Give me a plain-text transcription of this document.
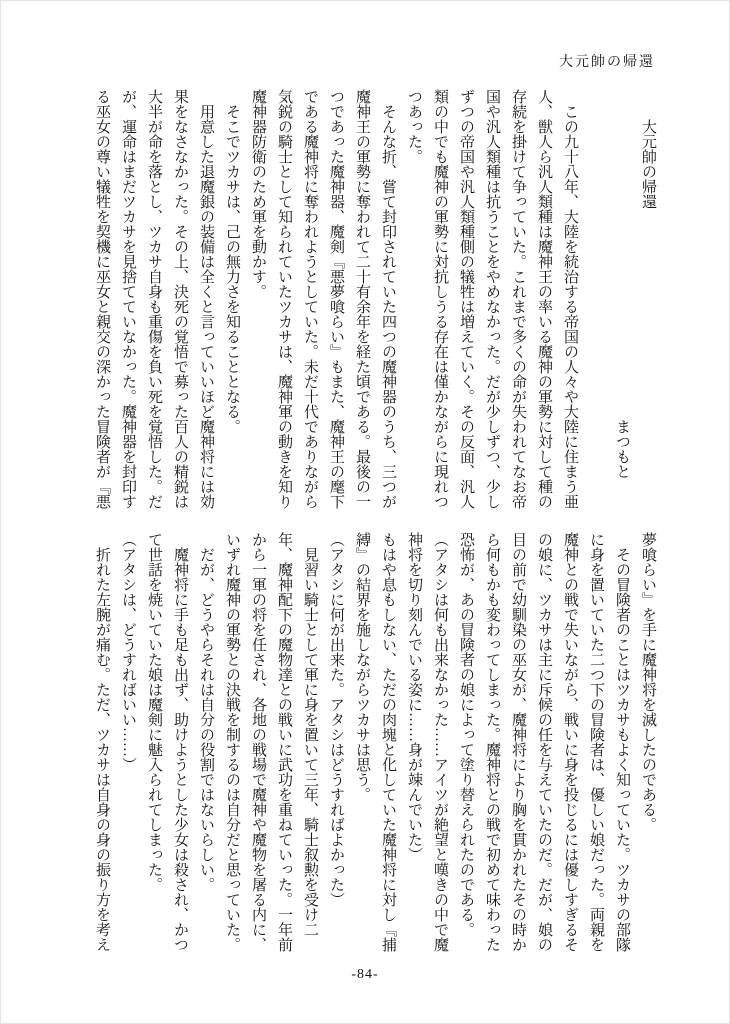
大元帥の帰還

大元帥の帰還

まつもと

　この九十八年、大陸を統治する帝国の人々や大陸に住まう亜人、獣人ら汎人類種は魔神王の率いる魔神の軍勢に対して種の存続を掛けて争っていた。これまで多くの命が失われてなお帝国や汎人類種は抗うことをやめなかった。だが少しずつ、少しずつの帝国や汎人類種側の犠牲は増えていく。その反面、汎人類の中でも魔神の軍勢に対抗しうる存在は僅かながらに現れつつあった。

　そんな折、嘗て封印されていた四つの魔神器のうち、三つが魔神王の軍勢に奪われて二十有余年を経た頃である。最後の一つであった魔神器、魔剣『悪夢喰らい』もまた、魔神王の麾下である魔神将に奪われようとしていた。未だ十代でありながら気鋭の騎士として知られていたツカサは、魔神軍の動きを知り魔神器防衛のため軍を動かす。

　そこでツカサは、己の無力さを知ることとなる。

　用意した退魔銀の装備は全くと言っていいほど魔神将には効果をなさなかった。その上、決死の覚悟で募った百人の精鋭は大半が命を落とし、ツカサ自身も重傷を負い死を覚悟した。だが、運命はまだツカサを見捨てていなかった。魔神器を封印する巫女の尊い犠牲を契機に巫女と親交の深かった冒険者が『悪

夢喰らい』を手に魔神将を滅したのである。

　その冒険者のことはツカサもよく知っていた。ツカサの部隊に身を置いていた二つ下の冒険者は、優しい娘だった。両親を魔神との戦で失いながら、戦いに身を投じるには優しすぎるその娘に、ツカサは主に斥候の任を与えていたのだ。だが、娘の目の前で幼馴染の巫女が、魔神将により胸を貫かれたその時から何もかも変わってしまった。魔神将との戦で初めて味わった恐怖が、あの冒険者の娘によって塗り替えられたのである。

（アタシは何も出来なかった……アイツが絶望と嘆きの中で魔神将を切り刻んでいる姿に……身が竦んでいた）

もはや息もしない、ただの肉塊と化していた魔神将に対し『捕縛』の結界を施しながらツカサは思う。

（アタシに何が出来た。アタシはどうすればよかった）

　見習い騎士として軍に身を置いて三年、騎士叙勲を受け二年、魔神配下の魔物達との戦いに武功を重ねていった。一年前から一軍の将を任され、各地の戦場で魔神や魔物を屠る内に、いずれ魔神の軍勢との決戦を制するのは自分だと思っていた。

　だが、どうやらそれは自分の役割ではないらしい。

　魔神将に手も足も出ず、助けようとした少女は殺され、かつて世話を焼いていた娘は魔剣に魅入られてしまった。

（アタシは、どうすればいい……）

　折れた左腕が痛む。ただ、ツカサは自身の身の振り方を考え

-84-
